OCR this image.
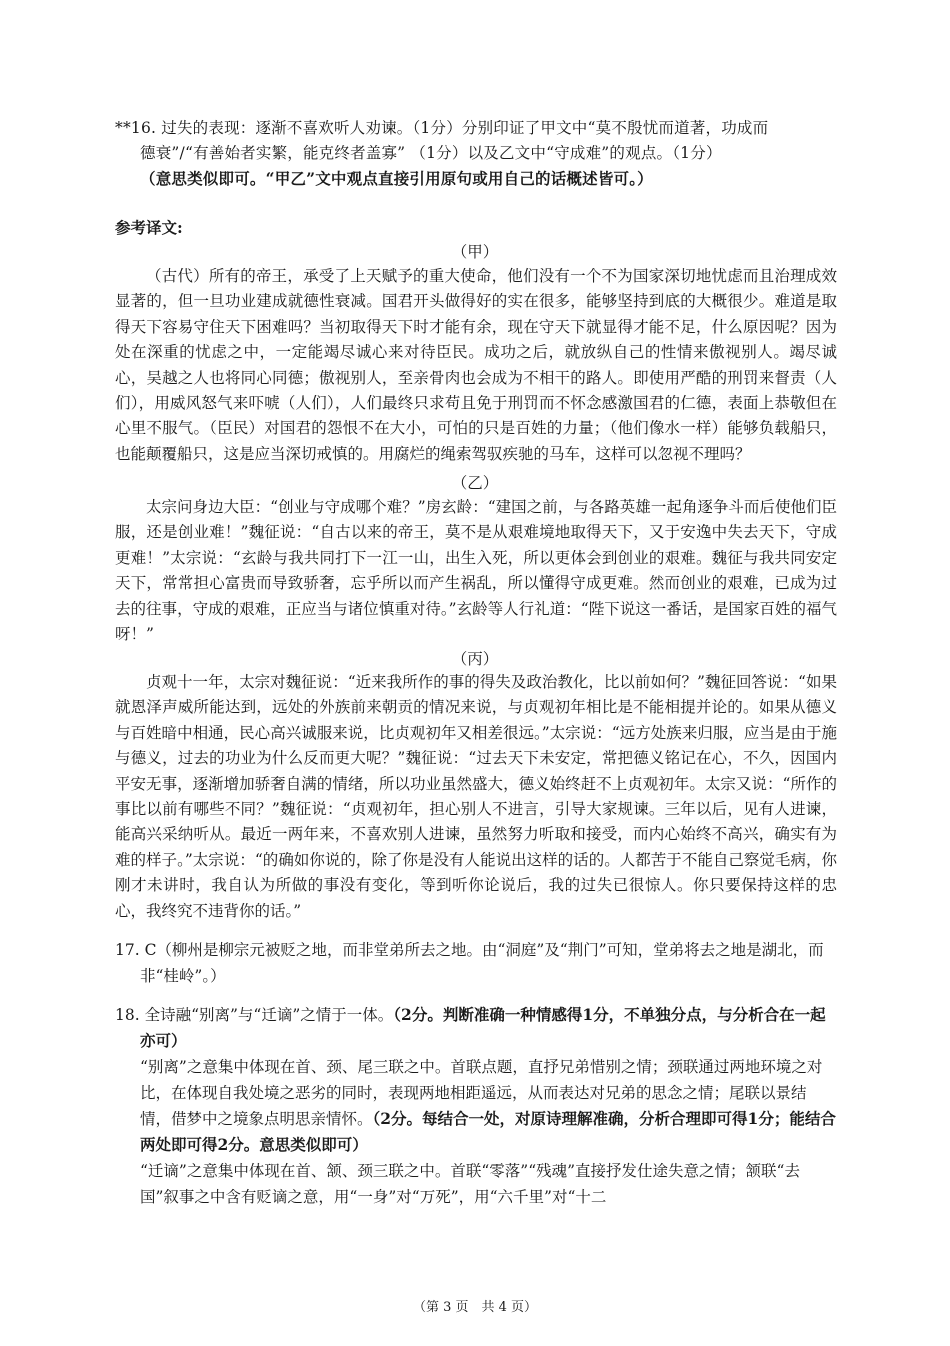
**16. 过失的表现：逐渐不喜欢听人劝谏。（1分）分别印证了甲文中“莫不殷忧而道著，功成而

德衰”/“有善始者实繁，能克终者盖寡” （1分）以及乙文中“守成难”的观点。（1分）

（意思类似即可。“甲乙”文中观点直接引用原句或用自己的话概述皆可。）

参考译文:
（甲）

（古代）所有的帝王，承受了上天赋予的重大使命，他们没有一个不为国家深切地忧虑而且治理成效显著的，但一旦功业建成就德性衰减。国君开头做得好的实在很多，能够坚持到底的大概很少。难道是取得天下容易守住天下困难吗？当初取得天下时才能有余，现在守天下就显得才能不足，什么原因呢？因为处在深重的忧虑之中，一定能竭尽诚心来对待臣民。成功之后，就放纵自己的性情来傲视别人。竭尽诚心，吴越之人也将同心同德；傲视别人，至亲骨肉也会成为不相干的路人。即使用严酷的刑罚来督责（人们），用威风怒气来吓唬（人们），人们最终只求苟且免于刑罚而不怀念感激国君的仁德，表面上恭敬但在心里不服气。（臣民）对国君的怨恨不在大小，可怕的只是百姓的力量；（他们像水一样）能够负载船只，也能颠覆船只，这是应当深切戒慎的。用腐烂的绳索驾驭疾驰的马车，这样可以忽视不理吗？

（乙）

太宗问身边大臣：“创业与守成哪个难？”房玄龄：“建国之前，与各路英雄一起角逐争斗而后使他们臣服，还是创业难！”魏征说：“自古以来的帝王，莫不是从艰难境地取得天下，又于安逸中失去天下，守成更难！”太宗说：“玄龄与我共同打下一江一山，出生入死，所以更体会到创业的艰难。魏征与我共同安定天下，常常担心富贵而导致骄奢，忘乎所以而产生祸乱，所以懂得守成更难。然而创业的艰难，已成为过去的往事，守成的艰难，正应当与诸位慎重对待。”玄龄等人行礼道：“陛下说这一番话，是国家百姓的福气呀！”

（丙）

贞观十一年，太宗对魏征说：“近来我所作的事的得失及政治教化，比以前如何？”魏征回答说：“如果就恩泽声威所能达到，远处的外族前来朝贡的情况来说，与贞观初年相比是不能相提并论的。如果从德义与百姓暗中相通，民心高兴诚服来说，比贞观初年又相差很远。”太宗说：“远方处族来归服，应当是由于施与德义，过去的功业为什么反而更大呢？”魏征说：“过去天下未安定，常把德义铭记在心，不久，因国内平安无事，逐渐增加骄奢自满的情绪，所以功业虽然盛大，德义始终赶不上贞观初年。太宗又说：“所作的事比以前有哪些不同？”魏征说：“贞观初年，担心别人不进言，引导大家规谏。三年以后，见有人进谏，能高兴采纳听从。最近一两年来，不喜欢别人进谏，虽然努力听取和接受，而内心始终不高兴，确实有为难的样子。”太宗说：“的确如你说的，除了你是没有人能说出这样的话的。人都苦于不能自己察觉毛病，你刚才未讲时，我自认为所做的事没有变化，等到听你论说后，我的过失已很惊人。你只要保持这样的忠心，我终究不违背你的话。”

17. C（柳州是柳宗元被贬之地，而非堂弟所去之地。由“洞庭”及“荆门”可知，堂弟将去之地是湖北，而非“桂岭”。）

18. 全诗融“别离”与“迁谪”之情于一体。（2分。判断准确一种情感得1分，不单独分点，与分析合在一起亦可）

“别离”之意集中体现在首、颈、尾三联之中。首联点题，直抒兄弟惜别之情；颈联通过两地环境之对比，在体现自我处境之恶劣的同时，表现两地相距遥远，从而表达对兄弟的思念之情；尾联以景结情，借梦中之境象点明思亲情怀。（2分。每结合一处，对原诗理解准确，分析合理即可得1分；能结合两处即可得2分。意思类似即可）

“迁谪”之意集中体现在首、颔、颈三联之中。首联“零落”“残魂”直接抒发仕途失意之情；颔联“去国”叙事之中含有贬谪之意，用“一身”对“万死”，用“六千里”对“十二

（第 3 页　共 4 页）
